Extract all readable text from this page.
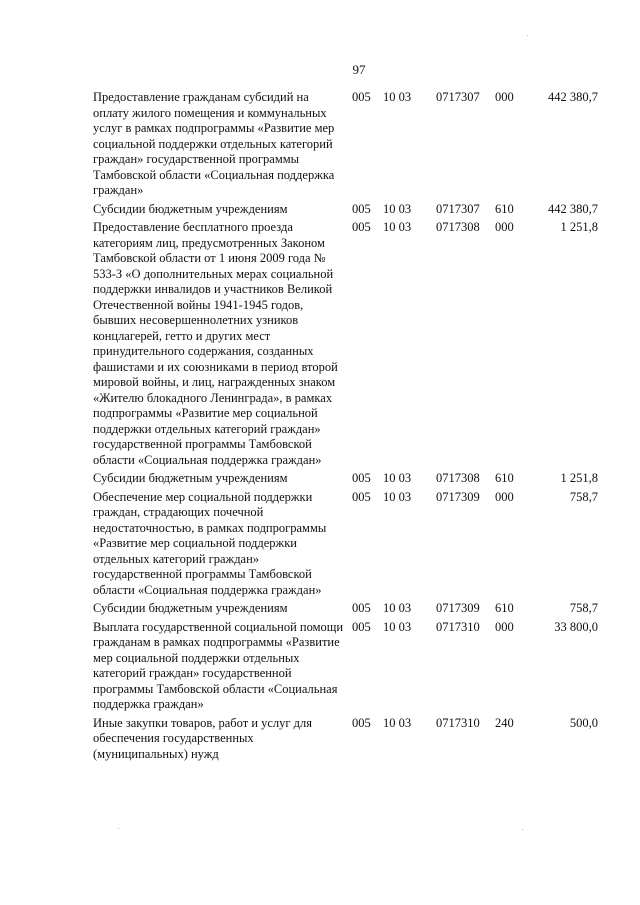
97
Предоставление гражданам субсидий на оплату жилого помещения и коммунальных услуг в рамках подпрограммы «Развитие мер социальной поддержки отдельных категорий граждан» государственной программы Тамбовской области «Социальная поддержка граждан»
005 10 03 0717307 000	442 380,7
Субсидии бюджетным учреждениям	005 10 03 0717307 610	442 380,7
Предоставление бесплатного проезда категориям лиц, предусмотренных Законом Тамбовской области от 1 июня 2009 года № 533-З «О дополнительных мерах социальной поддержки инвалидов и участников Великой Отечественной войны 1941-1945 годов, бывших несовершеннолетних узников концлагерей, гетто и других мест принудительного содержания, созданных фашистами и их союзниками в период второй мировой войны, и лиц, награжденных знаком «Жителю блокадного Ленинграда», в рамках подпрограммы «Развитие мер социальной поддержки отдельных категорий граждан» государственной программы Тамбовской области «Социальная поддержка граждан»
005 10 03 0717308 000	1 251,8
Субсидии бюджетным учреждениям	005 10 03 0717308 610	1 251,8
Обеспечение мер социальной поддержки граждан, страдающих почечной недостаточностью, в рамках подпрограммы «Развитие мер социальной поддержки отдельных категорий граждан» государственной программы Тамбовской области «Социальная поддержка граждан»
005 10 03 0717309 000	758,7
Субсидии бюджетным учреждениям	005 10 03 0717309 610	758,7
Выплата государственной социальной помощи гражданам в рамках подпрограммы «Развитие мер социальной поддержки отдельных категорий граждан» государственной программы Тамбовской области «Социальная поддержка граждан»
005 10 03 0717310 000	33 800,0
Иные закупки товаров, работ и услуг для обеспечения государственных (муниципальных) нужд
005 10 03 0717310 240	500,0
